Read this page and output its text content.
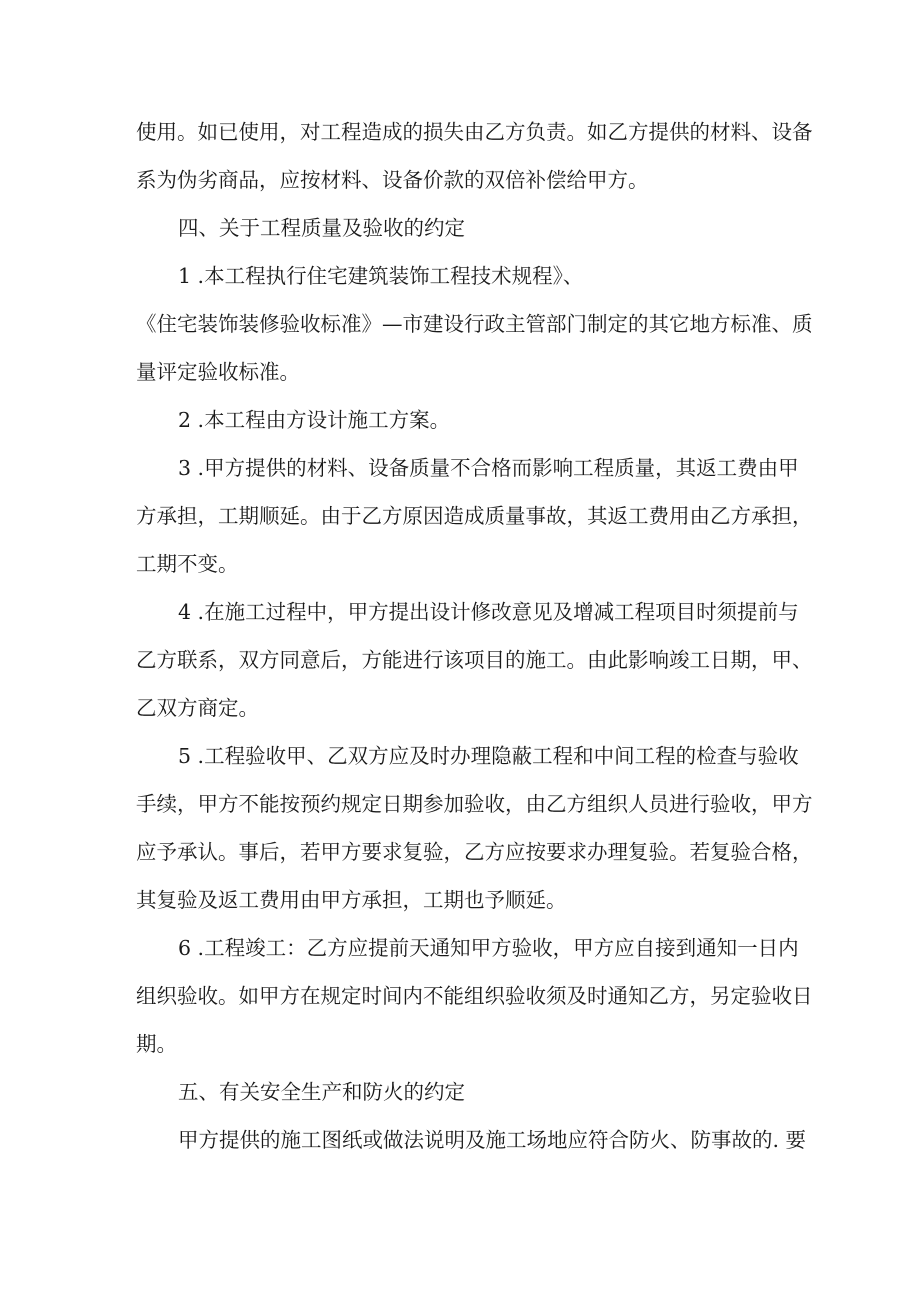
使用。如已使用，对工程造成的损失由乙方负责。如乙方提供的材料、设备
系为伪劣商品，应按材料、设备价款的双倍补偿给甲方。
四、关于工程质量及验收的约定
1 .本工程执行住宅建筑装饰工程技术规程》、
《住宅装饰装修验收标准》—市建设行政主管部门制定的其它地方标准、质
量评定验收标准。
2 .本工程由方设计施工方案。
3 .甲方提供的材料、设备质量不合格而影响工程质量，其返工费由甲
方承担，工期顺延。由于乙方原因造成质量事故，其返工费用由乙方承担，
工期不变。
4 .在施工过程中，甲方提出设计修改意见及增减工程项目时须提前与
乙方联系，双方同意后，方能进行该项目的施工。由此影响竣工日期，甲、
乙双方商定。
5 .工程验收甲、乙双方应及时办理隐蔽工程和中间工程的检查与验收
手续，甲方不能按预约规定日期参加验收，由乙方组织人员进行验收，甲方
应予承认。事后，若甲方要求复验，乙方应按要求办理复验。若复验合格，
其复验及返工费用由甲方承担，工期也予顺延。
6 .工程竣工：乙方应提前天通知甲方验收，甲方应自接到通知一日内
组织验收。如甲方在规定时间内不能组织验收须及时通知乙方，另定验收日
期。
五、有关安全生产和防火的约定
甲方提供的施工图纸或做法说明及施工场地应符合防火、防事故的. 要
